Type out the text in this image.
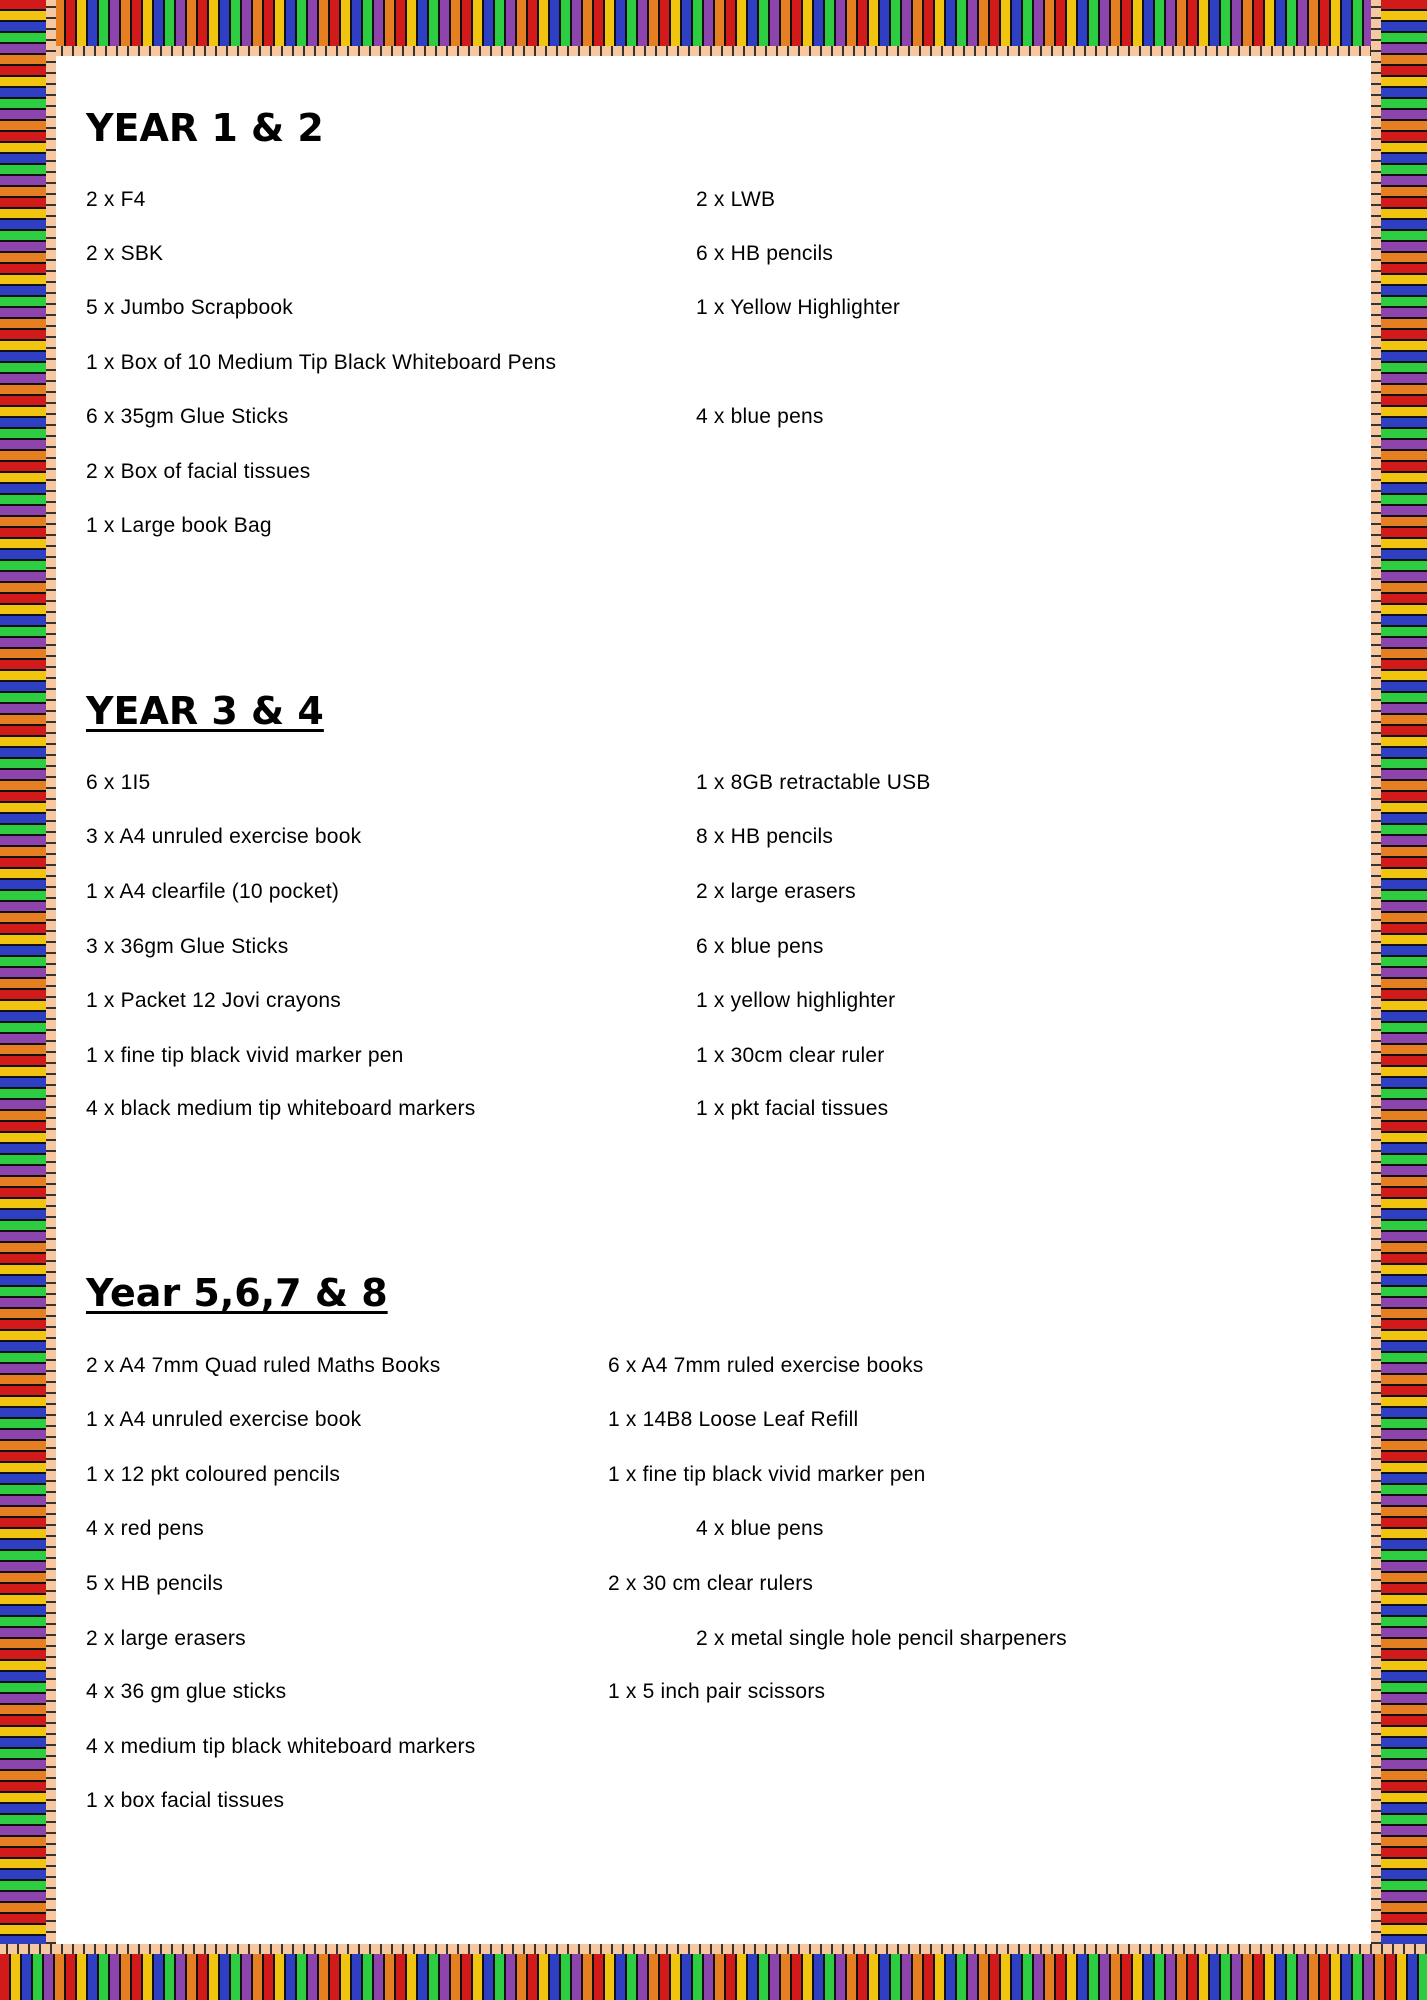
YEAR 1 & 2
2 x F4
2 x SBK
5 x Jumbo Scrapbook
1 x Box of 10 Medium Tip Black Whiteboard Pens
6 x 35gm Glue Sticks
2 x Box of facial tissues
1 x Large book Bag
2 x LWB
6 x HB pencils
1 x Yellow Highlighter
4 x blue pens
YEAR 3 & 4
6 x 1I5
3 x A4 unruled exercise book
1 x A4 clearfile (10 pocket)
3 x 36gm Glue Sticks
1 x Packet 12 Jovi crayons
1 x fine tip black vivid marker pen
4 x black medium tip whiteboard markers
1 x 8GB retractable USB
8 x HB pencils
2 x large erasers
6 x blue pens
1 x yellow highlighter
1 x 30cm clear ruler
1 x pkt facial tissues
Year 5,6,7 & 8
2 x A4 7mm Quad ruled Maths Books
1 x A4 unruled exercise book
1 x 12 pkt coloured pencils
4 x red pens
5 x HB pencils
2 x large erasers
4 x 36 gm glue sticks
4 x medium tip black whiteboard markers
1 x box facial tissues
6 x A4 7mm ruled exercise books
1 x 14B8 Loose Leaf Refill
1 x fine tip black vivid marker pen
4 x blue pens
2 x 30 cm clear rulers
2 x metal single hole pencil sharpeners
1 x 5 inch pair scissors
